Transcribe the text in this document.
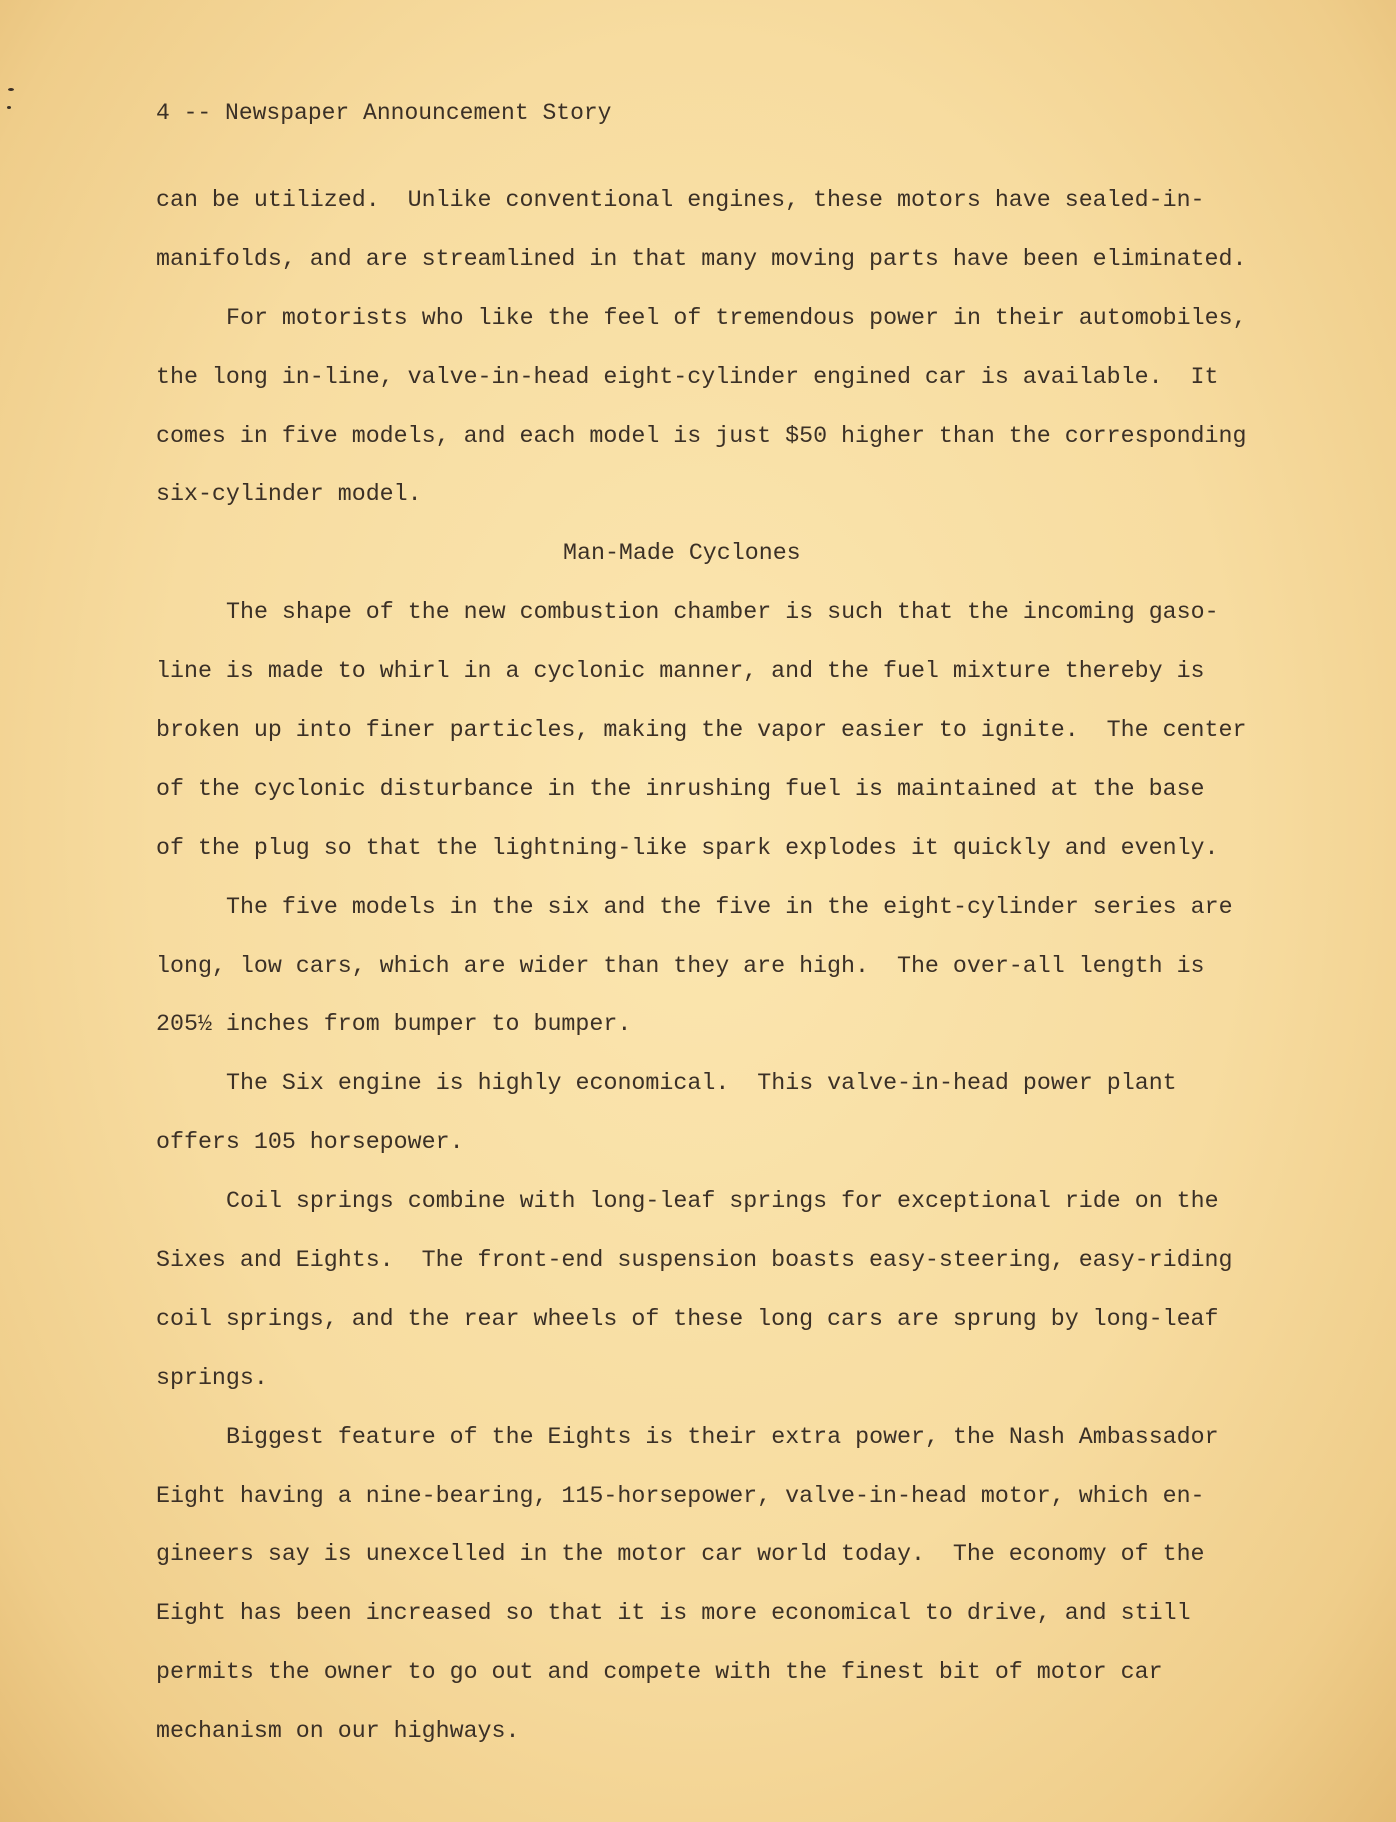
4 -- Newspaper Announcement Story
can be utilized.  Unlike conventional engines, these motors have sealed-in-
manifolds, and are streamlined in that many moving parts have been eliminated.
For motorists who like the feel of tremendous power in their automobiles,
the long in-line, valve-in-head eight-cylinder engined car is available.  It
comes in five models, and each model is just $50 higher than the corresponding
six-cylinder model.
Man-Made Cyclones
The shape of the new combustion chamber is such that the incoming gaso-
line is made to whirl in a cyclonic manner, and the fuel mixture thereby is
broken up into finer particles, making the vapor easier to ignite.  The center
of the cyclonic disturbance in the inrushing fuel is maintained at the base
of the plug so that the lightning-like spark explodes it quickly and evenly.
The five models in the six and the five in the eight-cylinder series are
long, low cars, which are wider than they are high.  The over-all length is
205½ inches from bumper to bumper.
The Six engine is highly economical.  This valve-in-head power plant
offers 105 horsepower.
Coil springs combine with long-leaf springs for exceptional ride on the
Sixes and Eights.  The front-end suspension boasts easy-steering, easy-riding
coil springs, and the rear wheels of these long cars are sprung by long-leaf
springs.
Biggest feature of the Eights is their extra power, the Nash Ambassador
Eight having a nine-bearing, 115-horsepower, valve-in-head motor, which en-
gineers say is unexcelled in the motor car world today.  The economy of the
Eight has been increased so that it is more economical to drive, and still
permits the owner to go out and compete with the finest bit of motor car
mechanism on our highways.
